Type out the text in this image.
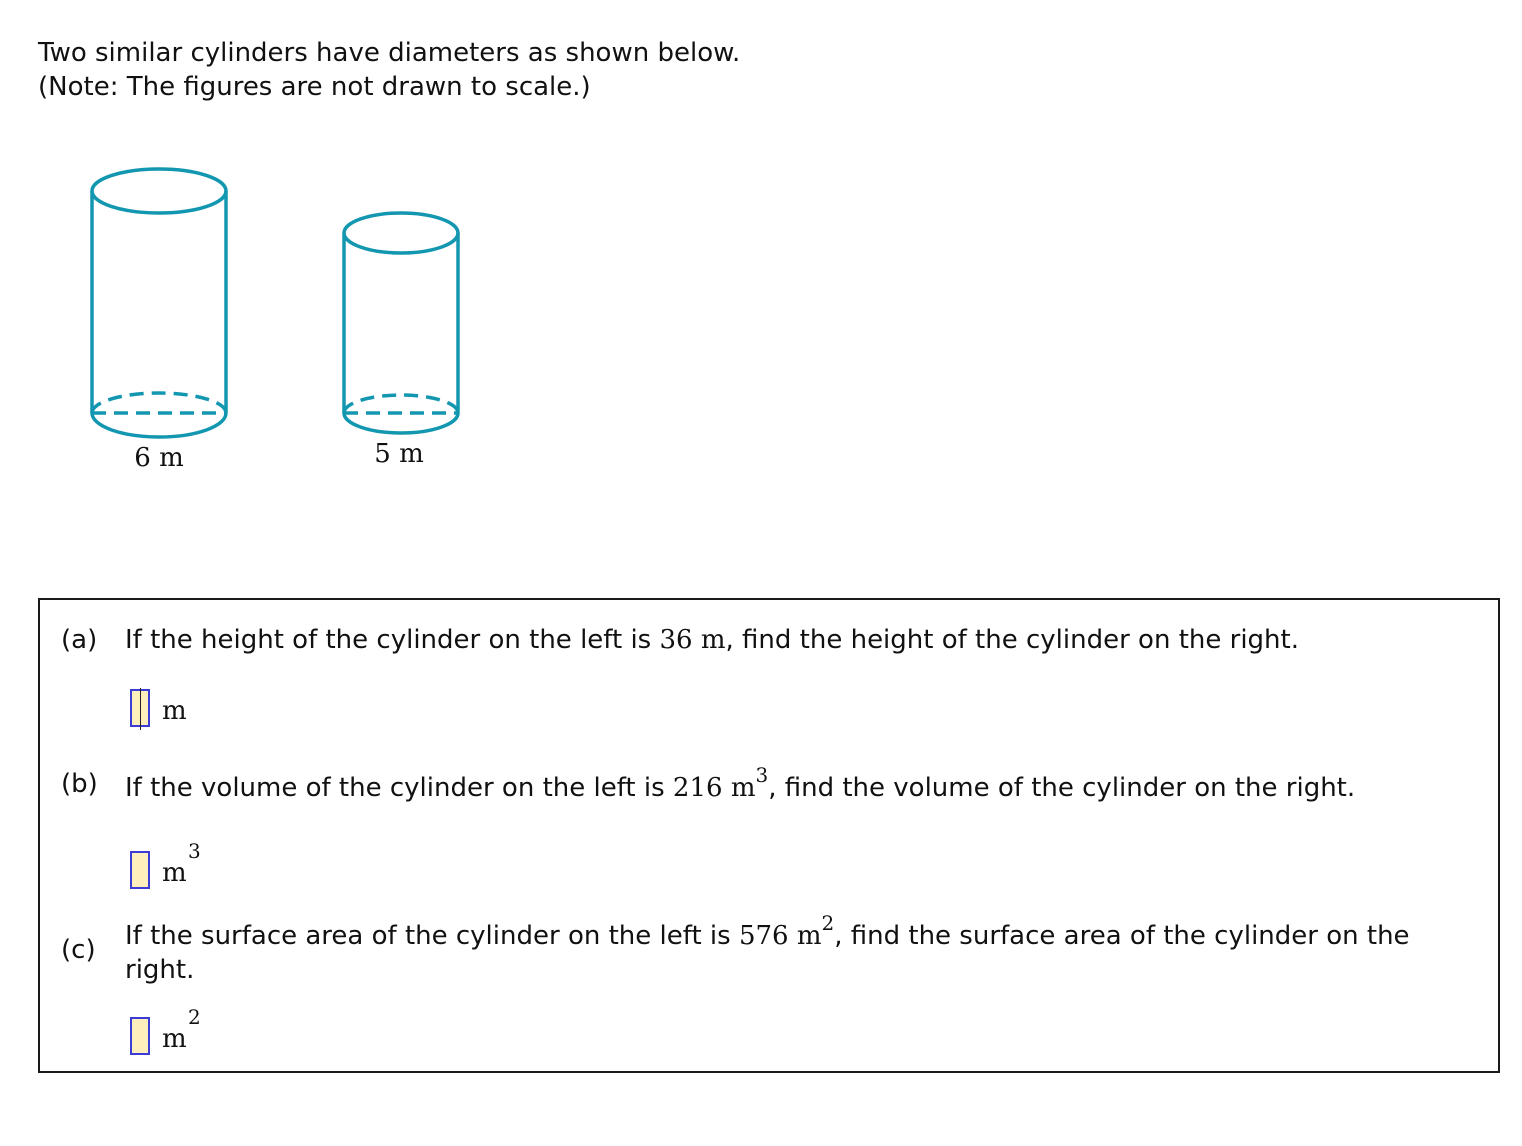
Two similar cylinders have diameters as shown below.
(Note: The figures are not drawn to scale.)
6 m	5 m
(a) If the height of the cylinder on the left is 36 m, find the height of the cylinder on the right.
m
(b) If the volume of the cylinder on the left is 216 $m^3$, find the volume of the cylinder on the right.
m
3
(c) If the surface area of the cylinder on the left is 576 $m^2$, find the surface area of the cylinder on the right.
m
2
